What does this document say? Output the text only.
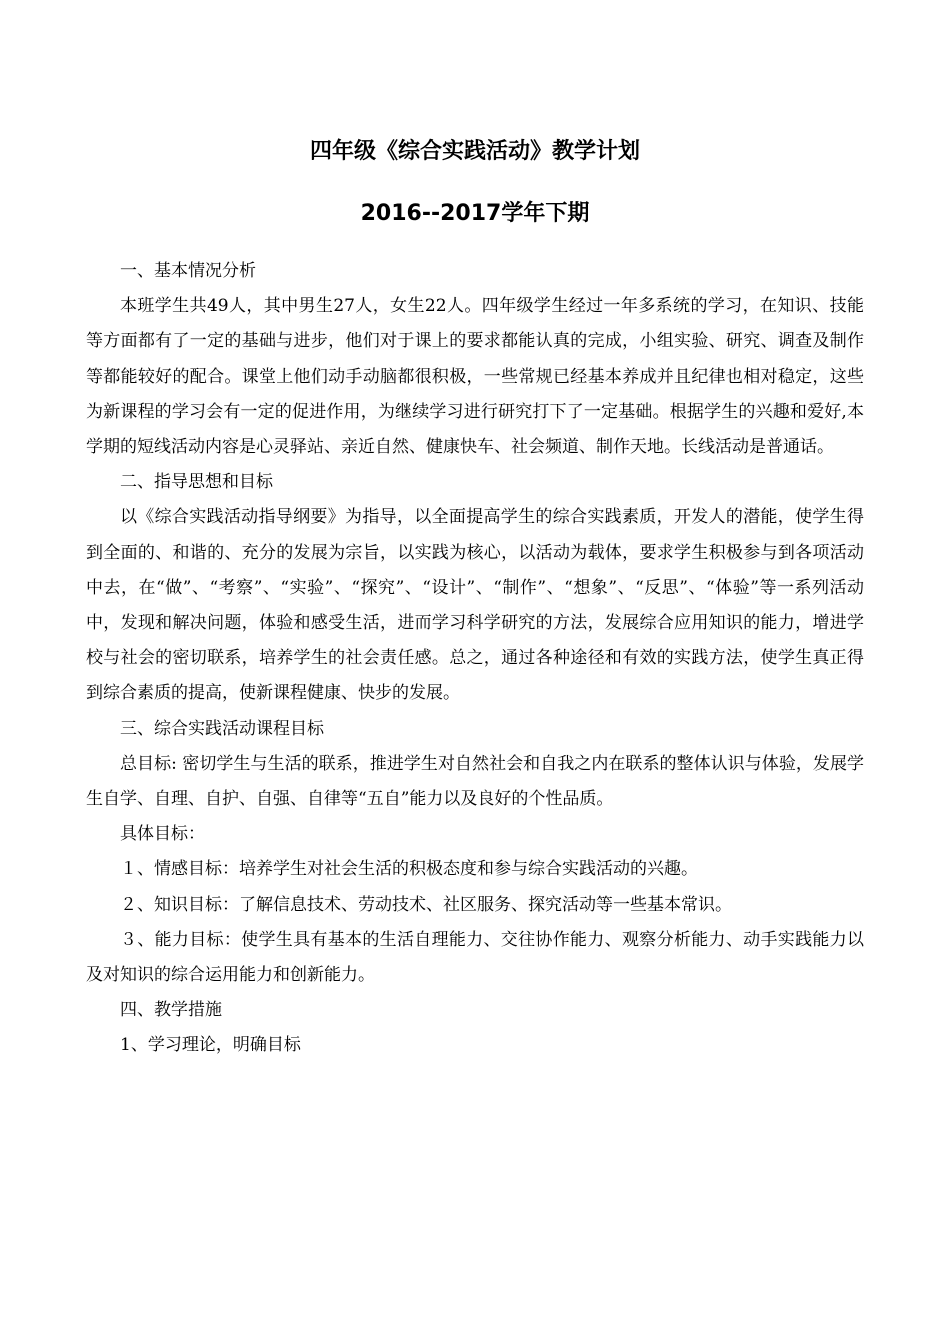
四年级《综合实践活动》教学计划
2016--2017学年下期

一、基本情况分析

本班学生共49人，其中男生27人，女生22人。四年级学生经过一年多系统的学习，在知识、技能等方面都有了一定的基础与进步，他们对于课上的要求都能认真的完成，小组实验、研究、调查及制作等都能较好的配合。课堂上他们动手动脑都很积极，一些常规已经基本养成并且纪律也相对稳定，这些为新课程的学习会有一定的促进作用，为继续学习进行研究打下了一定基础。根据学生的兴趣和爱好,本学期的短线活动内容是心灵驿站、亲近自然、健康快车、社会频道、制作天地。长线活动是普通话。

二、指导思想和目标

以《综合实践活动指导纲要》为指导，以全面提高学生的综合实践素质，开发人的潜能，使学生得到全面的、和谐的、充分的发展为宗旨，以实践为核心，以活动为载体，要求学生积极参与到各项活动中去，在“做”、“考察”、“实验”、“探究”、“设计”、“制作”、“想象”、“反思”、“体验”等一系列活动中，发现和解决问题，体验和感受生活，进而学习科学研究的方法，发展综合应用知识的能力，增进学校与社会的密切联系，培养学生的社会责任感。总之，通过各种途径和有效的实践方法，使学生真正得到综合素质的提高，使新课程健康、快步的发展。

三、综合实践活动课程目标

总目标: 密切学生与生活的联系，推进学生对自然社会和自我之内在联系的整体认识与体验，发展学生自学、自理、自护、自强、自律等“五自”能力以及良好的个性品质。

具体目标：

１、情感目标：培养学生对社会生活的积极态度和参与综合实践活动的兴趣。

２、知识目标：了解信息技术、劳动技术、社区服务、探究活动等一些基本常识。

３、能力目标：使学生具有基本的生活自理能力、交往协作能力、观察分析能力、动手实践能力以及对知识的综合运用能力和创新能力。

四、教学措施

1、学习理论，明确目标
